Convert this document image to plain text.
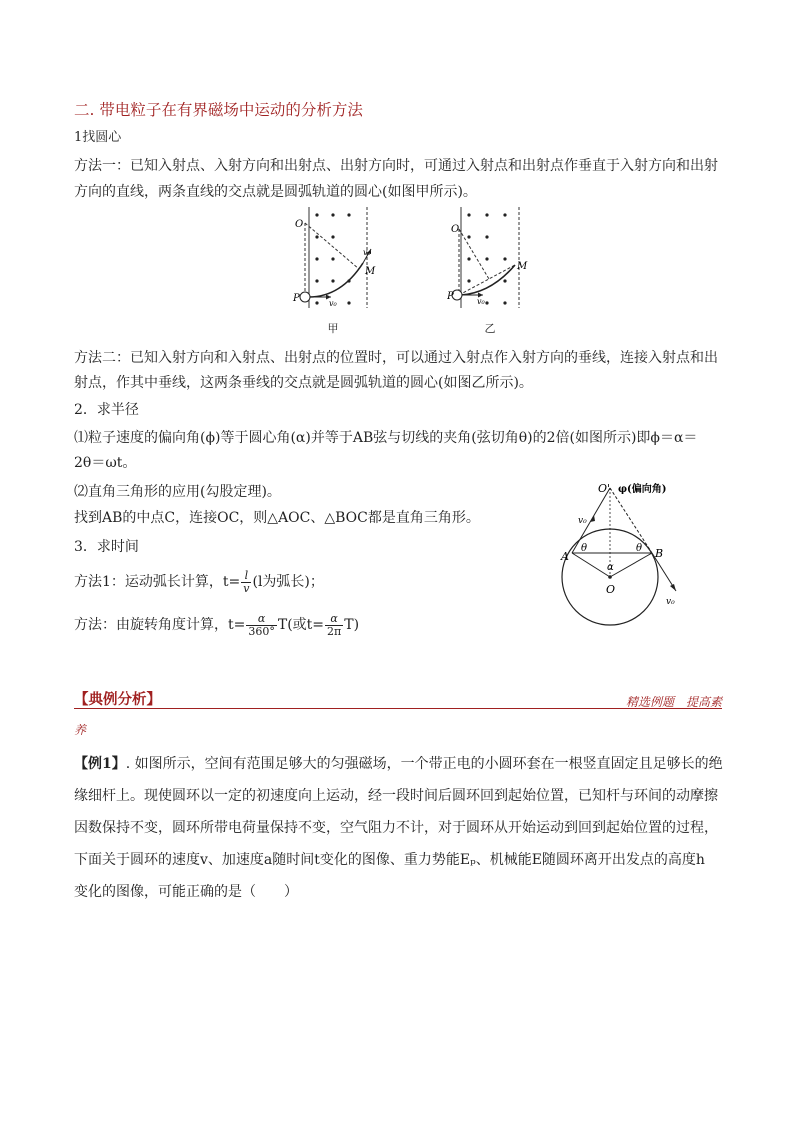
二. 带电粒子在有界磁场中运动的分析方法
1找圆心
方法一：已知入射点、入射方向和出射点、出射方向时，可通过入射点和出射点作垂直于入射方向和出射
方向的直线，两条直线的交点就是圆弧轨道的圆心(如图甲所示)。
O
P
M
v₀
v₀
甲
O
P
M
v₀
乙
方法二：已知入射方向和入射点、出射点的位置时，可以通过入射点作入射方向的垂线，连接入射点和出
射点，作其中垂线，这两条垂线的交点就是圆弧轨道的圆心(如图乙所示)。
2．求半径
⑴粒子速度的偏向角(ϕ)等于圆心角(α)并等于AB弦与切线的夹角(弦切角θ)的2倍(如图所示)即ϕ＝α＝
2θ＝ωt。
⑵直角三角形的应用(勾股定理)。
找到AB的中点C，连接OC，则△AOC、△BOC都是直角三角形。
3．求时间
方法1：运动弧长计算，$t= \frac{l}{v} (l$为弧长)；
方法：由旋转角度计算，$t= \frac{\alpha}{360^\circ} T$(或$t= \frac{\alpha}{2\pi} T$)
O' φ(偏向角)
v₀
A	B
O
θ	θ
α
v₀
【典例分析】	精选例题　提高素
养
【例1】. 如图所示，空间有范围足够大的匀强磁场，一个带正电的小圆环套在一根竖直固定且足够长的绝
缘细杆上。现使圆环以一定的初速度向上运动，经一段时间后圆环回到起始位置，已知杆与环间的动摩擦
因数保持不变，圆环所带电荷量保持不变，空气阻力不计，对于圆环从开始运动到回到起始位置的过程，
下面关于圆环的速度v、加速度a随时间t变化的图像、重力势能Eₚ、机械能E随圆环离开出发点的高度h
变化的图像，可能正确的是（　　）
